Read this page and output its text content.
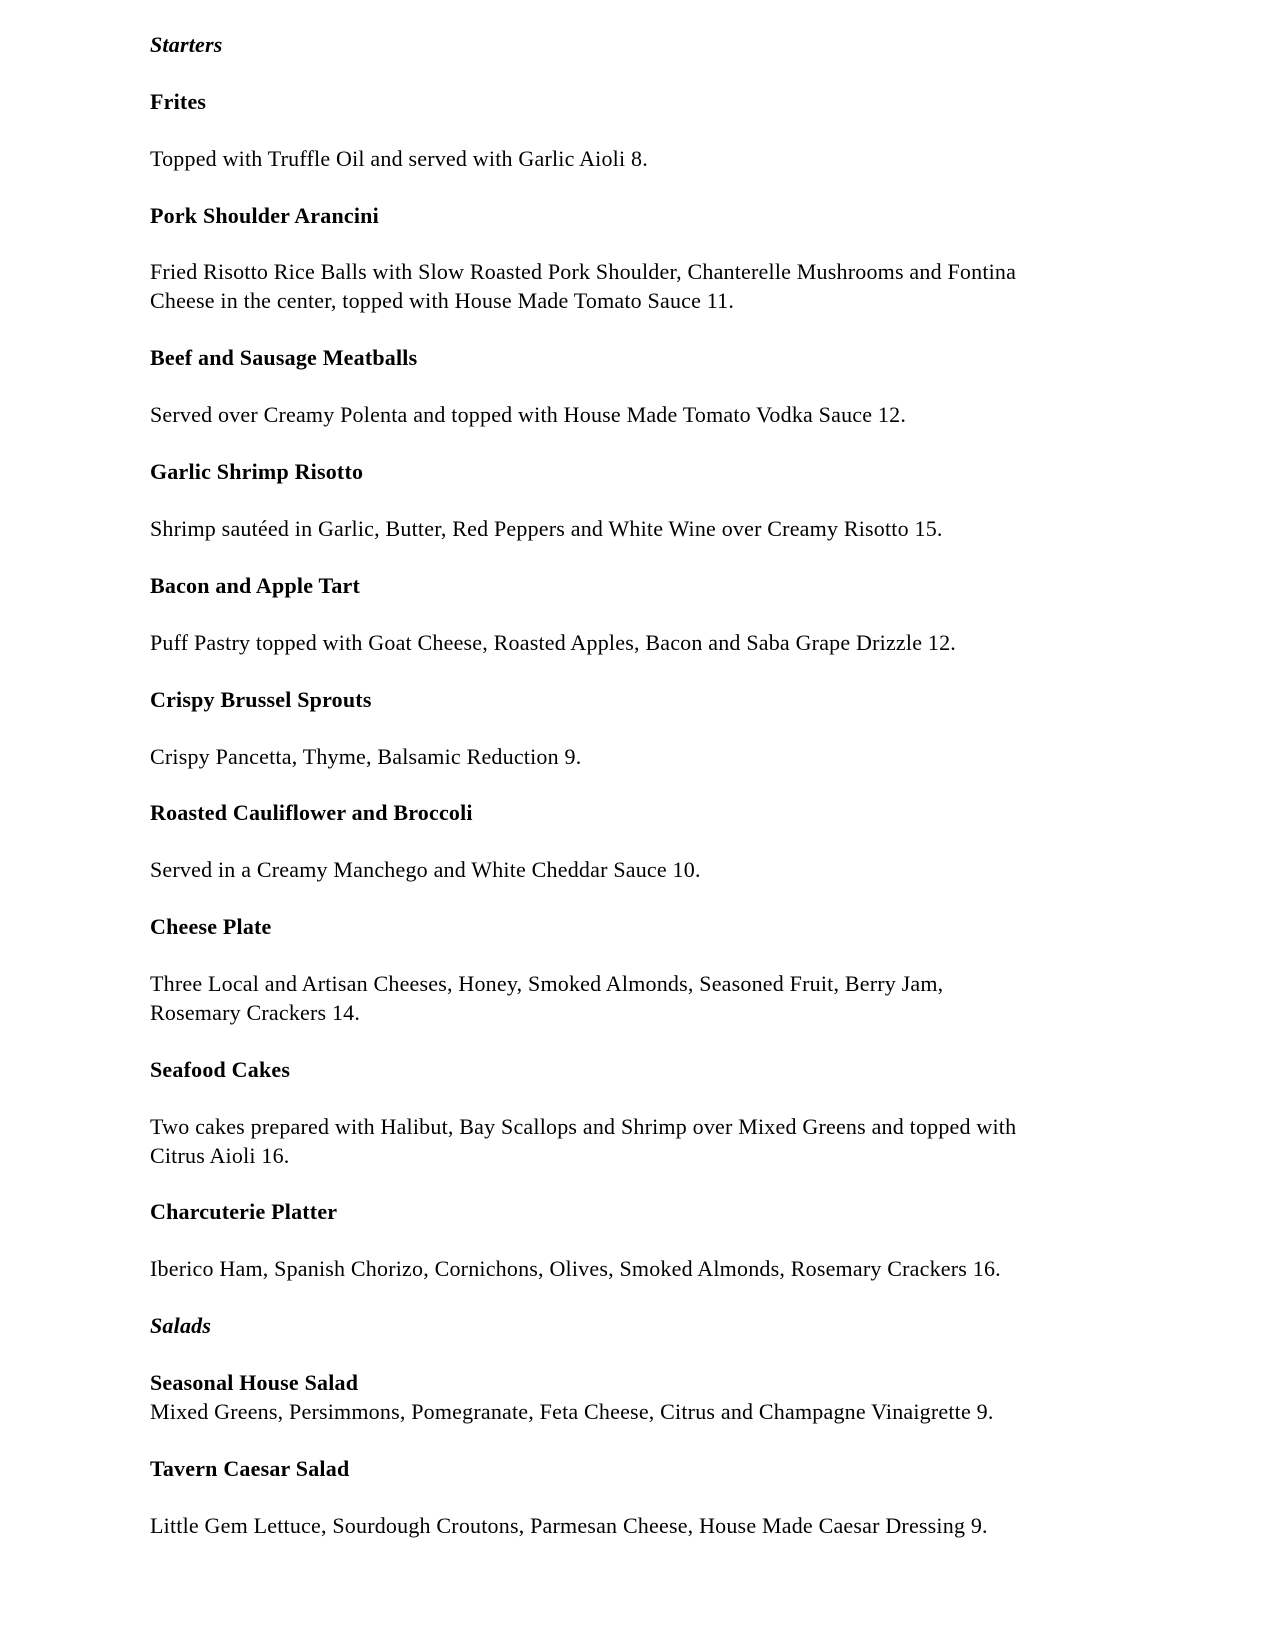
Starters

Frites

Topped with Truffle Oil and served with Garlic Aioli 8.

Pork Shoulder Arancini

Fried Risotto Rice Balls with Slow Roasted Pork Shoulder, Chanterelle Mushrooms and Fontina

Cheese in the center, topped with House Made Tomato Sauce 11.

Beef and Sausage Meatballs

Served over Creamy Polenta and topped with House Made Tomato Vodka Sauce 12.

Garlic Shrimp Risotto

Shrimp sautéed in Garlic, Butter, Red Peppers and White Wine over Creamy Risotto 15.

Bacon and Apple Tart

Puff Pastry topped with Goat Cheese, Roasted Apples, Bacon and Saba Grape Drizzle 12.

Crispy Brussel Sprouts

Crispy Pancetta, Thyme, Balsamic Reduction 9.

Roasted Cauliflower and Broccoli

Served in a Creamy Manchego and White Cheddar Sauce 10.

Cheese Plate

Three Local and Artisan Cheeses, Honey, Smoked Almonds, Seasoned Fruit, Berry Jam,

Rosemary Crackers 14.

Seafood Cakes

Two cakes prepared with Halibut, Bay Scallops and Shrimp over Mixed Greens and topped with

Citrus Aioli 16.

Charcuterie Platter

Iberico Ham, Spanish Chorizo, Cornichons, Olives, Smoked Almonds, Rosemary Crackers 16.

Salads

Seasonal House Salad

Mixed Greens, Persimmons, Pomegranate, Feta Cheese, Citrus and Champagne Vinaigrette 9.

Tavern Caesar Salad

Little Gem Lettuce, Sourdough Croutons, Parmesan Cheese, House Made Caesar Dressing 9.
